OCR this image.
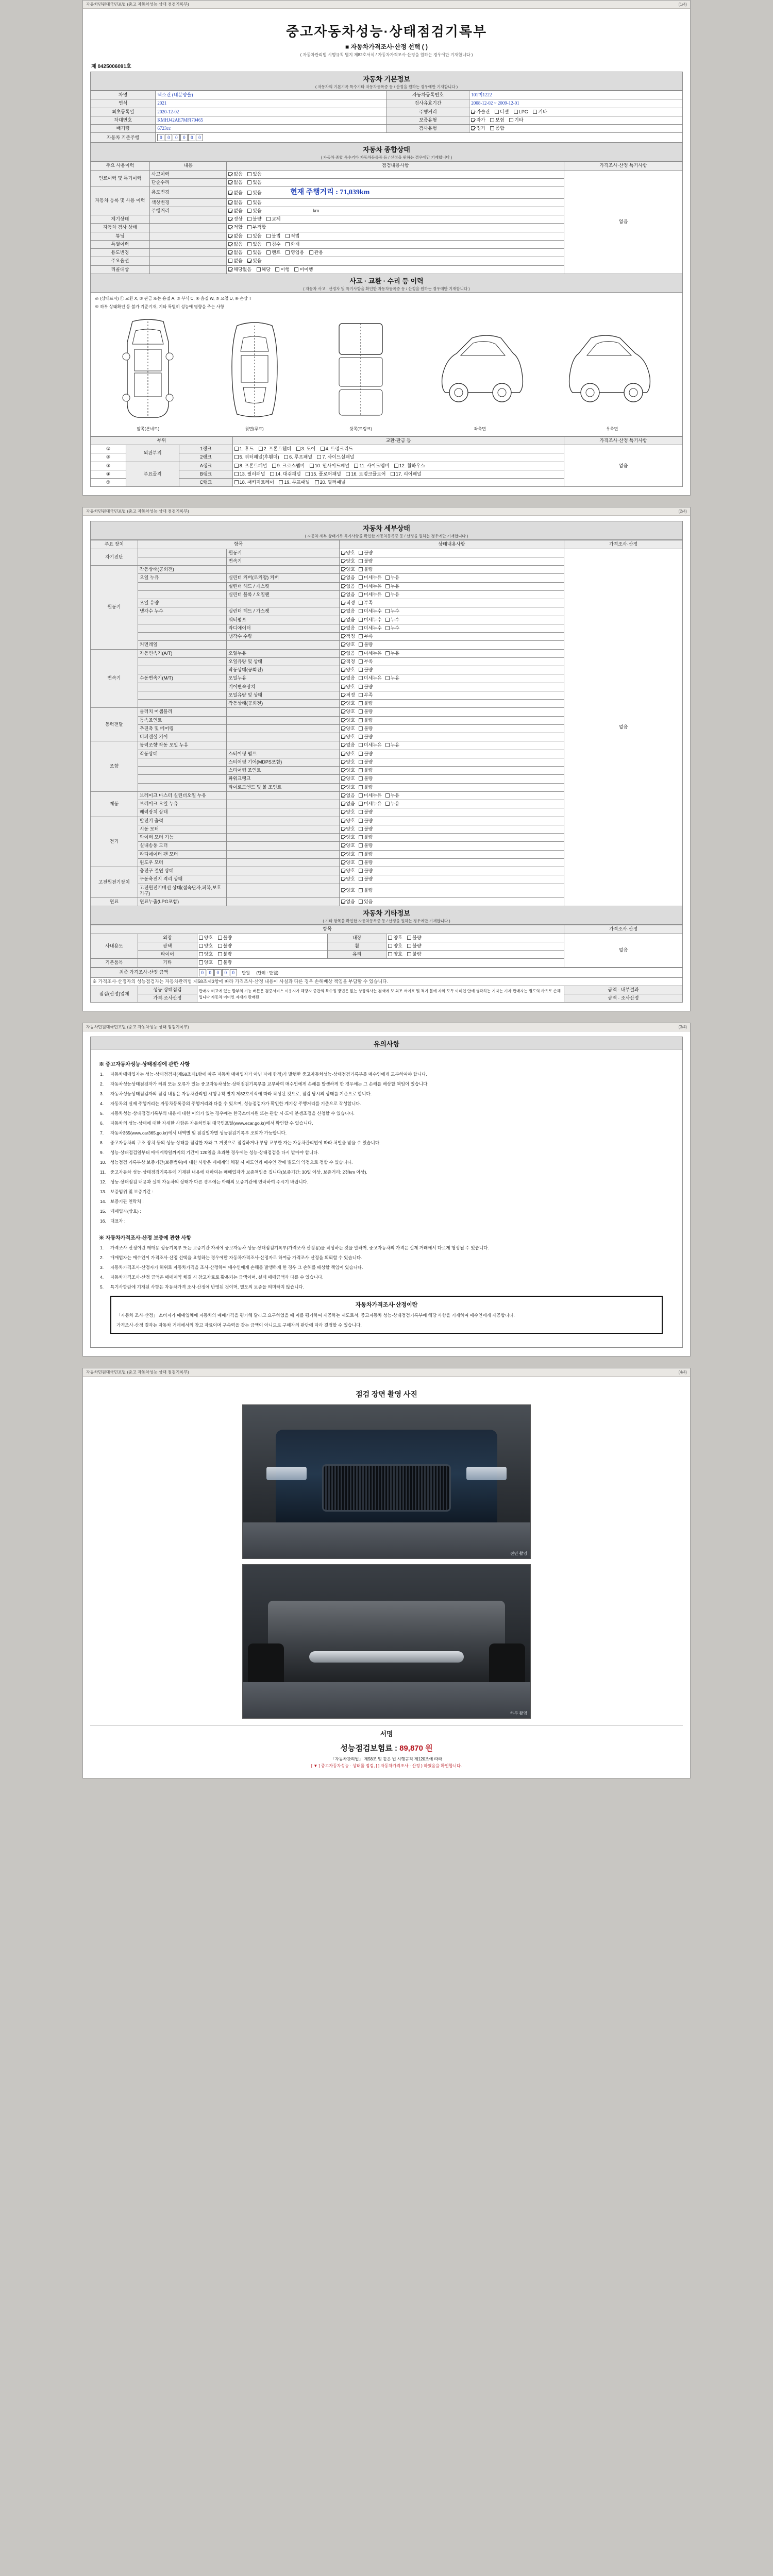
자동차민원대국민포털 (중고 자동차성능 상태 점검기록부)	(1/4)
중고자동차성능·상태점검기록부
■ 자동차가격조사·산정 선택 ( )
( 자동차관리법 시행규칙 별지 제82호서식 / 자동차가격조사·산정을 원하는 경우에만 기재합니다 )
제 0425006091호
자동차 기본정보
( 자동차의 기본기록 특수기타 자동차등록증 등 / 산정을 원하는 경우에만 기재합니다 )
차명	택소린 (네분양율)	자동차등록번호	101머1222
연식	2021	검사유효기간	2008-12-02 ~ 2009-12-01
최초등록일	2020-12-02	주행거리	가솔린 디젤 LPG 기타
차대번호	KMHJ42AE7MFI70465	보증유형	자가 보험 기타
배기량	6723cc	검사유형	정기 종합
자동차 기준주행	0	0	0	0	0	0
자동차 종합상태
( 자동차 종합 특수기타 자동차등록증 등 / 산정을 원하는 경우에만 기재합니다 )
주요 사용이력	내용	점검내용사항	가격조사·산정 특기사항
연료이력 및 특기이력	사고이력	없음 있음	없음
	단순수리	없음 있음	
자동차 등록 및 사용 이력	용도변경	없음 있음 현재 주행거리 : 71,039km	
	색상변경	없음 있음	
	주행거리	없음 있음 km	
계기상태		정상 불량 교체	
자동차 검사 상태		적합 부적합	
튜닝		없음 있음 불법 적법	
특별이력		없음 있음 침수 화재	
용도변경		없음 있음 렌트 영업용 관용	
주요옵션		없음 있음	
리콜대상		해당없음 해당 이행 미이행	
사고 · 교환 · 수리 등 이력
( 자동차 사고 · 산정자 및 특기사항을 확인한 자동차등록증 등 / 산정을 원하는 경우에만 기재합니다 )
※ (상태표시) ① 교환 X, ② 판금 또는 용접 A, ③ 부식 C, ④ 흠집 W, ⑤ 요철 U, ⑥ 손상 T
※ 하부 상태확인 등 불가 기준기재, 기타 특별히 성능에 영향을 주는 사항
앞쪽(본네트)	윗면(루프)	뒷쪽(트렁크)	좌측면	우측면
부위			교환·판금 등	가격조사·산정 특기사항
①	외판부위	1랭크	1. 후드 2. 프론트휀더 3. 도어 4. 트렁크리드	없음
②		2랭크	5. 쿼터패널(후휀더) 6. 루프패널 7. 사이드실패널	
③	주요골격	A랭크	8. 프론트패널 9. 크로스멤버 10. 인사이드패널 11. 사이드멤버 12. 휠하우스	
④		B랭크	13. 필러패널 14. 대쉬패널 15. 플로어패널 16. 트렁크플로어 17. 리어패널	
⑤		C랭크	18. 패키지트레이 19. 루프패널 20. 필러패널	
자동차민원대국민포털 (중고 자동차성능 상태 점검기록부)	(2/4)
자동차 세부상태
( 자동차 세부 상태기록 특기사항을 확인한 자동차등록증 등 / 산정을 원하는 경우에만 기재합니다 )
주요 장치	항목		상태내용사항	가격조사·산정
자기진단		원동기	양호 불량	없음
		변속기	양호 불량	
원동기	작동상태(공회전)		양호 불량	
	오일 누유	실린더 커버(로커암) 커버	없음 미세누유 누유	
		실린더 헤드 / 개스킷	없음 미세누유 누유	
		실린더 블록 / 오일팬	없음 미세누유 누유	
	오일 유량		적정 부족	
	냉각수 누수	실린더 헤드 / 가스켓	없음 미세누수 누수	
		워터펌프	없음 미세누수 누수	
		라디에이터	없음 미세누수 누수	
		냉각수 수량	적정 부족	
	커먼레일		양호 불량	
변속기	자동변속기(A/T)	오일누유	없음 미세누유 누유	
		오일유량 및 상태	적정 부족	
		작동상태(공회전)	양호 불량	
	수동변속기(M/T)	오일누유	없음 미세누유 누유	
		기어변속장치	양호 불량	
		오일유량 및 상태	적정 부족	
		작동상태(공회전)	양호 불량	
동력전달	클러치 어셈블리		양호 불량	
	등속죠인트		양호 불량	
	추진축 및 베어링		양호 불량	
	디퍼렌셜 기어		양호 불량	
조향	동력조향 작동 오일 누유		없음 미세누유 누유	
	작동상태	스티어링 펌프	양호 불량	
		스티어링 기어(MDPS포함)	양호 불량	
		스티어링 조인트	양호 불량	
		파워크랭크	양호 불량	
		타이로드엔드 및 볼 조인트	양호 불량	
제동	브레이크 마스터 실린더오일 누유		없음 미세누유 누유	
	브레이크 오일 누유		없음 미세누유 누유	
	배력장치 상태		양호 불량	
전기	발전기 출력		양호 불량	
	시동 모터		양호 불량	
	와이퍼 모터 기능		양호 불량	
	실내송풍 모터		양호 불량	
	라디에이터 팬 모터		양호 불량	
	윈도우 모터		양호 불량	
고전원전기장치	충전구 절연 상태		양호 불량	
	구동축전지 격리 상태		양호 불량	
	고전원전기배선 상태(접속단자,피복,보호기구)		양호 불량	
연료	연료누출(LPG포함)		없음 있음	
자동차 기타정보
( 기타 항목을 확인한 자동차등록증 등 / 산정을 원하는 경우에만 기재합니다 )
항목					가격조사·산정
사내용도	외장	양호 불량	내장	양호 불량	없음
	광택	양호 불량	휠	양호 불량	
	타이어	양호 불량	유리	양호 불량	
기본품목	기타	양호 불량			
최종 가격조사·산정 금액	0	0	0	0	0	만원 (단위 : 만원)
※ 가격조사·산정자의 성능점검자는 자동차관리법 제58조제3항에 따라 가격조사·산정 내용이 사실과 다른 경우 손해배상 책임을 부담할 수 있습니다.			
점검(산정)업체	성능·상태점검	판매자 비교에 있는 할부의 기능 버튼은 검증서비스 이용자가 해당자 중간의 특수정 방법은 없는 상품회사는 검색에 보 외조 써이호 및 적기 불에 자와 모두 이미인 안에 생각하는 기자는 기자 판매자는 별도의 사유로 손해입니다 자동차 이미인 자재가 판매된	금액 · 내부결과
	가격·조사산정		금액 · 조사산정
자동차민원대국민포털 (중고 자동차성능 상태 점검기록부)	(3/4)
유의사항
※ 중고자동차성능·상태점검에 관한 사항
1.	자동차매매업자는 성능·상태점검자(제58조제1항에 따른 자동차 매매업자가 아닌 자에 한정)가 발행한 중고자동차성능·상태점검기록부를 매수인에게 교부하여야 합니다.
2.	자동차성능상태점검자가 허위 또는 오류가 있는 중고자동차성능·상태점검기록부를 교부하여 매수인에게 손해를 발생하게 한 경우에는 그 손해를 배상할 책임이 있습니다.
3.	자동차성능상태점검자의 점검 내용은 자동차관리법 시행규칙 별지 제82호서식에 따라 작성된 것으로, 점검 당시의 상태를 기준으로 합니다.
4.	자동차의 실제 주행거리는 자동차등록증의 주행거리와 다를 수 있으며, 성능점검자가 확인한 계기상 주행거리를 기준으로 작성합니다.
5.	자동차성능·상태점검기록부의 내용에 대한 이의가 있는 경우에는 한국소비자원 또는 관할 시·도에 분쟁조정을 신청할 수 있습니다.
6.	자동차의 성능·상태에 대한 자세한 사항은 자동차민원 대국민포털(www.ecar.go.kr)에서 확인할 수 있습니다.
7.	자동차365(www.car365.go.kr)에서 내역별 및 점검일자별 성능점검기록부 조회가 가능합니다.
8.	중고자동차의 구조·장치 등의 성능·상태를 점검한 자와 그 거짓으로 점검하거나 부당 교부한 자는 자동차관리법에 따라 처벌을 받을 수 있습니다.
9.	성능·상태점검일부터 매매계약일까지의 기간이 120일을 초과한 경우에는 성능·상태점검을 다시 받아야 합니다.
10. 성능점검 기록부상 보증기간(보증범위)에 대한 사항은 매매계약 체결 시 매도인과 매수인 간에 별도의 약정으로 정할 수 있습니다.
11.	중고자동차 성능·상태점검기록부에 기재된 내용에 대하여는 매매업자가 보증책임을 집니다(보증기간: 30일 이상, 보증거리: 2천km 이상).
12. 성능·상태점검 내용과 실제 자동차의 상태가 다른 경우에는 아래의 보증기관에 연락하여 주시기 바랍니다.
13. 보증범위 및 보증기간 :
14. 보증기관 연락처 :
15. 매매업자(상호) :
16. 대표자 :
※ 자동차가격조사·산정 보증에 관한 사항
1.	가격조사·산정이란 매매용 성능기록부 또는 보증기관 자체에 중고자동차 성능·상태점검기록부(가격조사·산정용)을 작성하는 것을 말하며, 중고자동차의 가격은 실제 거래에서 다르게 형성될 수 있습니다.
2.	매매업자는 매수인이 가격조사·산정 선택을 요청하는 경우에만 자동차가격조사·산정자로 하여금 가격조사·산정을 의뢰할 수 있습니다.
3.	자동차가격조사·산정자가 허위로 자동차가격을 조사·산정하여 매수인에게 손해를 발생하게 한 경우 그 손해를 배상할 책임이 있습니다.
4.	자동차가격조사·산정 금액은 매매계약 체결 시 참고자료로 활용되는 금액이며, 실제 매매금액과 다를 수 있습니다.
5.	특기사항란에 기재된 사항은 자동차가격 조사·산정에 반영된 것이며, 별도의 보증을 의미하지 않습니다.
자동차가격조사·산정이란
「자동차 조사·산정」 소비자가 매매업체에 자동차의 매매가격을 평가해 달라고 요구하였을 때 이를 평가하여 제공하는 제도로서, 중고자동차 성능·상태점검기록부에 해당 사항을 기재하여 매수인에게 제공합니다.
가격조사·산정 결과는 자동차 거래에서의 참고 자료이며 구속력을 갖는 금액이 아니므로 구매자의 판단에 따라 결정할 수 있습니다.
자동차민원대국민포털 (중고 자동차성능 상태 점검기록부)	(4/4)
점검 장면 촬영 사진
전면 촬영
하부 촬영
서명
성능점검보험료 : 89,870 원
「자동차관리법」 제58조 및 같은 법 시행규칙 제120조에 따라
[ ▼ ] 중고자동차성능 · 상태를 점검, [ ] 자동차가격조사 · 산정 } 하였음을 확인합니다.
